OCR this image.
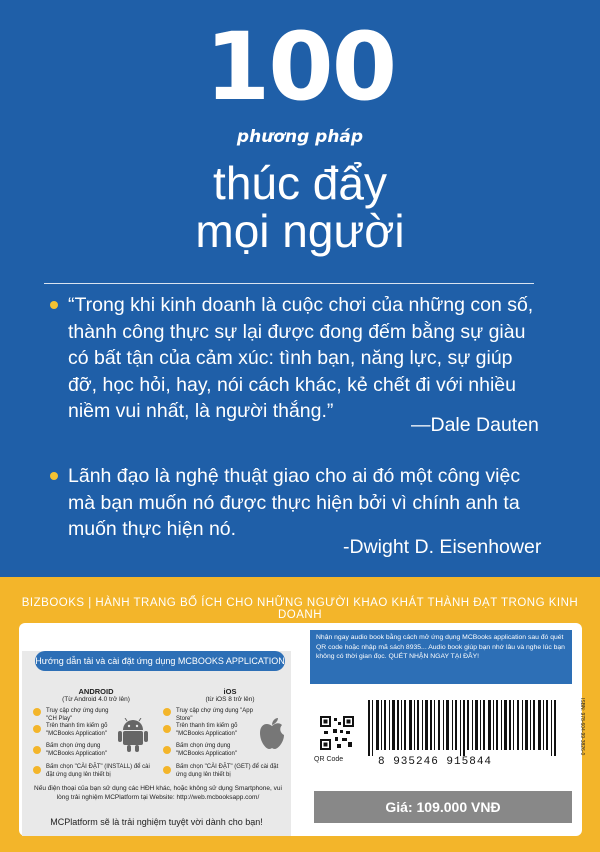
100
phương pháp
thúc đẩy
mọi người
“Trong khi kinh doanh là cuộc chơi của những con số, thành công thực sự lại được đong đếm bằng sự giàu có bất tận của cảm xúc: tình bạn, năng lực, sự giúp đỡ, học hỏi, hay, nói cách khác, kẻ chết đi với nhiều niềm vui nhất, là người thắng.”
—Dale Dauten
Lãnh đạo là nghệ thuật giao cho ai đó một công việc mà bạn muốn nó được thực hiện bởi vì chính anh ta muốn thực hiện nó.
-Dwight D. Eisenhower
BIZBOOKS | HÀNH TRANG BỔ ÍCH CHO NHỮNG NGƯỜI KHAO KHÁT THÀNH ĐẠT TRONG KINH DOANH
Hướng dẫn tải và cài đặt ứng dụng MCBOOKS APPLICATION
ANDROID
(Từ Android 4.0 trở lên)
iOS
(từ iOS 8 trở lên)
Truy cập chợ ứng dụng "CH Play"
Trên thanh tìm kiếm gõ "MCBooks Application"
Bấm chọn ứng dụng "MCBooks Application"
Bấm chọn "CÀI ĐẶT" (INSTALL) để cài đặt ứng dụng lên thiết bị
Truy cập chợ ứng dụng "App Store"
Trên thanh tìm kiếm gõ "MCBooks Application"
Bấm chọn ứng dụng "MCBooks Application"
Bấm chọn "CÀI ĐẶT" (GET) để cài đặt ứng dụng lên thiết bị
Nếu điện thoại của bạn sử dụng các HĐH khác, hoặc không sử dụng Smartphone, vui lòng trải nghiệm MCPlatform tại Website: http://web.mcbooksapp.com/
MCPlatform sẽ là trải nghiệm tuyệt vời dành cho bạn!
Nhận ngay audio book bằng cách mở ứng dụng MCBooks application sau đó quét QR code hoặc nhập mã sách 8935... Audio book giúp bạn nhớ lâu và nghe lúc bạn không có thời gian đọc. QUÉT NHẬN NGAY TẠI ĐÂY!
QR Code	8 935246 915844
ISBN: 978-604-99-3826-0
Giá: 109.000 VNĐ
